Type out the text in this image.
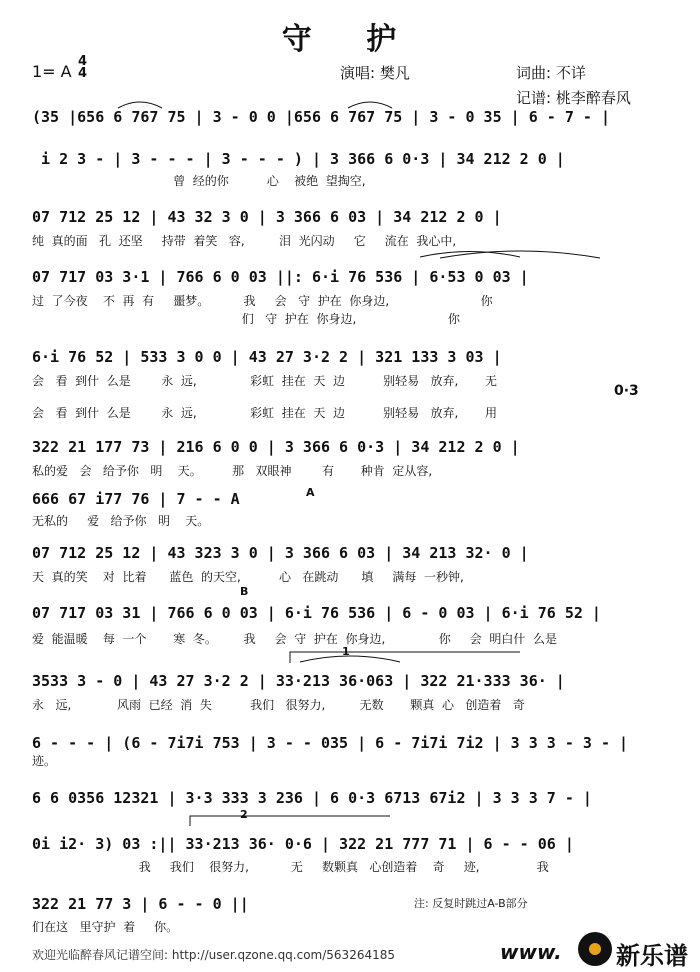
守 护
1= A
4
4	演唱: 樊凡	词曲: 不详
记谱: 桃李醉春风
(35 |656 6 767 75 | 3 - 0 0 |656 6 767 75 | 3 - 0 35 | 6 - 7 - |
i 2 3 - | 3 - - - | 3 - - - ) | 3 366 6 0·3 | 34 212 2 0 |
曾  经的你          心    被绝  望掏空,
07 712 25 12 | 43 32 3 0 | 3 366 6 03 | 34 212 2 0 |
纯  真的面   孔  还坚     持带  着笑   容,         泪  光闪动     它     流在  我心中,
07 717 03 3·1 | 766 6 0 03 ||: 6·i 76 536 | 6·53 0 03 |
过  了今夜    不  再  有     噩梦。         我     会   守  护在  你身边,                        你
们   守  护在  你身边,                        你
6·i 76 52 | 533 3 0 0 | 43 27 3·2 2 | 321 133 3 03 |
会   看  到什  么是        永  远,              彩虹  挂在  天  边          别轻易   放弃,       无
会   看  到什  么是        永  远,              彩虹  挂在  天  边          别轻易   放弃,       用
322 21 177 73 | 216 6 0 0 | 3 366 6 0·3 | 34 212 2 0 |
私的爱   会   给予你   明    天。        那   双眼神        有       种肯  定从容,
666 67 i77 76 | 7 - - A
无私的     爱   给予你   明    天。
07 712 25 12 | 43 323 3 0 | 3 366 6 03 | 34 213 32· 0 |
天  真的笑    对  比着      蓝色  的天空,          心   在跳动      填     满每  一秒钟,
07 717 03 31 | 766 6 0 03 | 6·i 76 536 | 6 - 0 03 | 6·i 76 52 |
爱  能温暖    每  一个       寒  冬。       我     会  守  护在  你身边,              你     会  明白什  么是
3533 3 - 0 | 43 27 3·2 2 | 33·213 36·063 | 322 21·333 36· |
永   远,            风雨  已经  消  失          我们   很努力,         无数       颗真  心   创造着   奇
6 - - - | (6 - 7i7i 753 | 3 - - 035 | 6 - 7i7i 7i2 | 3 3 3 - 3 - |
迹。
6 6 0356 12321 | 3·3 333 3 236 | 6 0·3 6713 67i2 | 3 3 3 7 - |
0i i2· 3) 03 :|| 33·213 36· 0·6 | 322 21 777 71 | 6 - - 06 |
我     我们    很努力,           无     数颗真   心创造着    奇     迹,               我
322 21 77 3 | 6 - - 0 ||
们在这   里守护  着     你。
A
B
1
2
0·3
注: 反复时跳过A-B部分
欢迎光临醉春风记谱空间: http://user.qzone.qq.com/563264185	www. 新乐谱
